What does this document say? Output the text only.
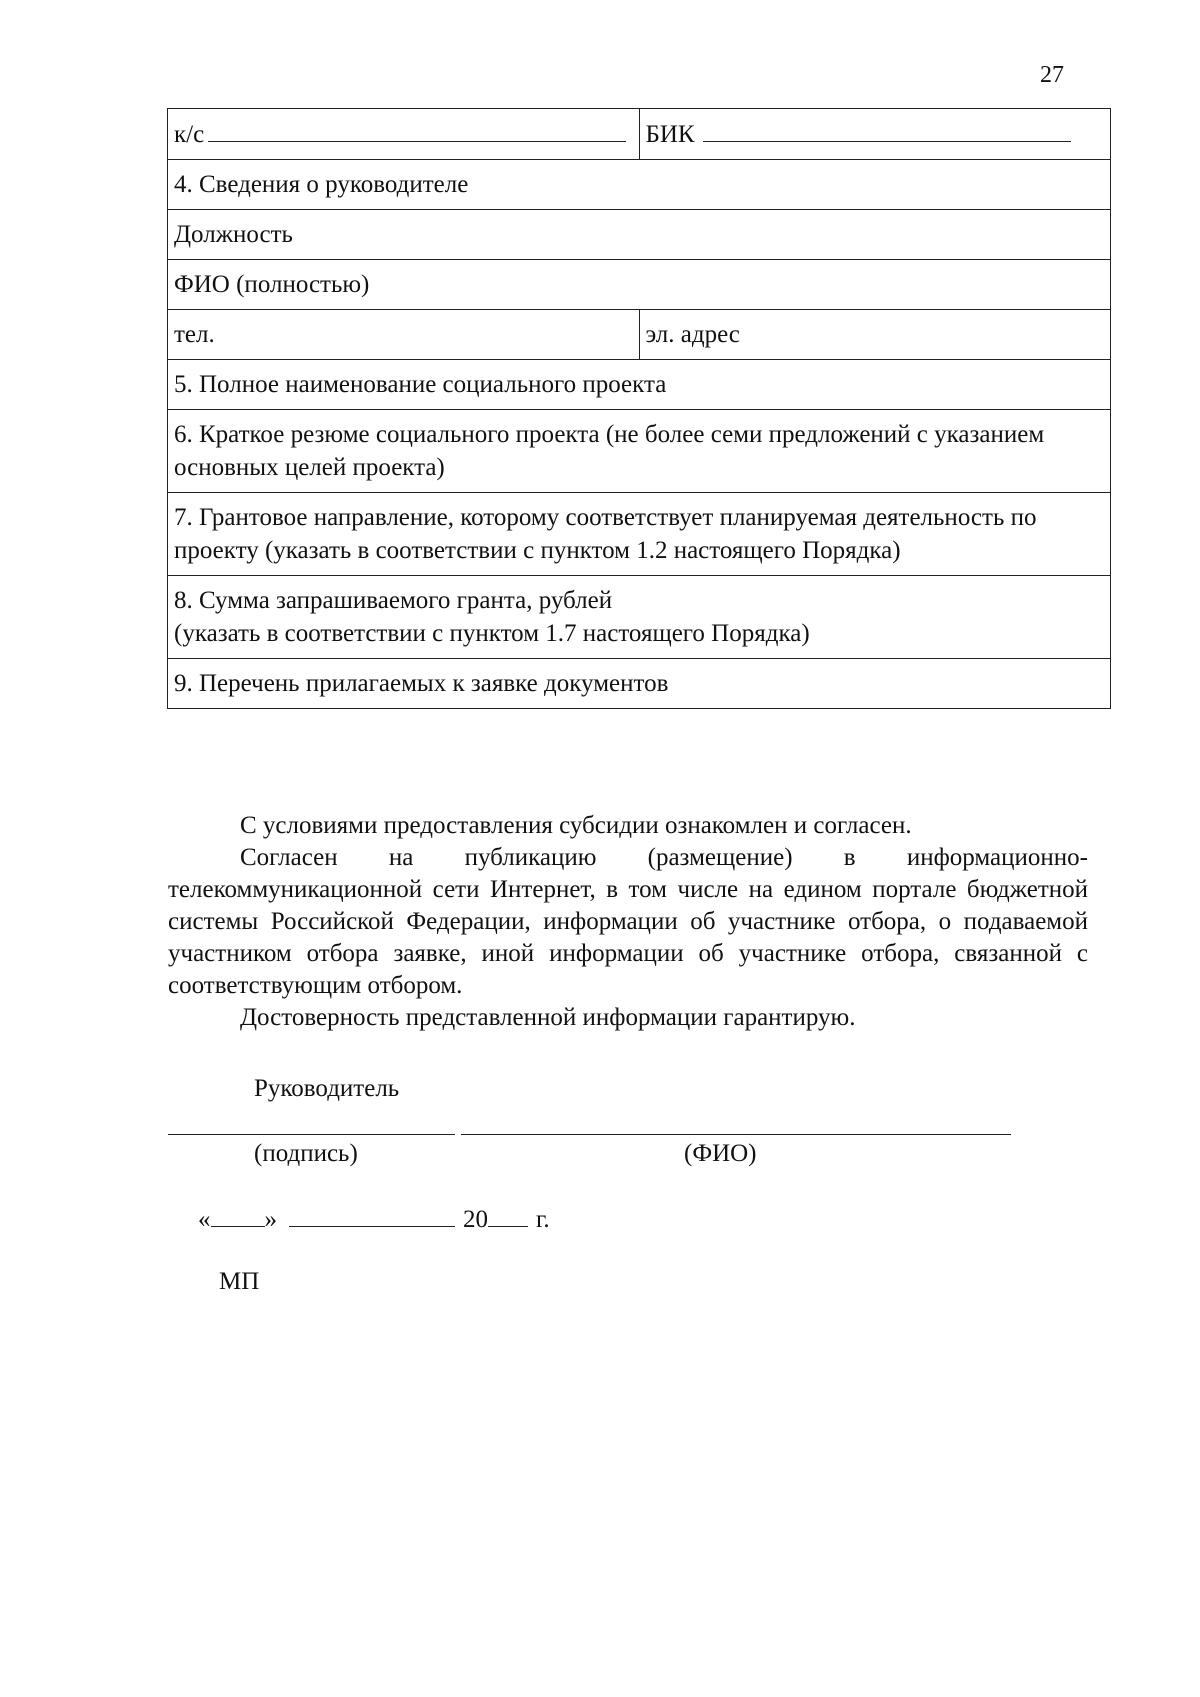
27
к/с	БИК
4. Сведения о руководителе	
Должность	
ФИО (полностью)	
тел.	эл. адрес
5. Полное наименование социального проекта	
6. Краткое резюме социального проекта (не более семи предложений с указанием основных целей проекта)	
7. Грантовое направление, которому соответствует планируемая деятельность по проекту (указать в соответствии с пунктом 1.2 настоящего Порядка)	

8. Сумма запрашиваемого гранта, рублей
(указать в соответствии с пунктом 1.7 настоящего Порядка)	

9. Перечень прилагаемых к заявке документов	

С условиями предоставления субсидии ознакомлен и согласен.

Согласен на публикацию (размещение) в информационно-телекоммуникационной сети Интернет, в том числе на едином портале бюджетной системы Российской Федерации, информации об участнике отбора, о подаваемой участником отбора заявке, иной информации об участнике отбора, связанной с соответствующим отбором.

Достоверность представленной информации гарантирую.

Руководитель
(подпись)	(ФИО)
« »	20 г.
МП
